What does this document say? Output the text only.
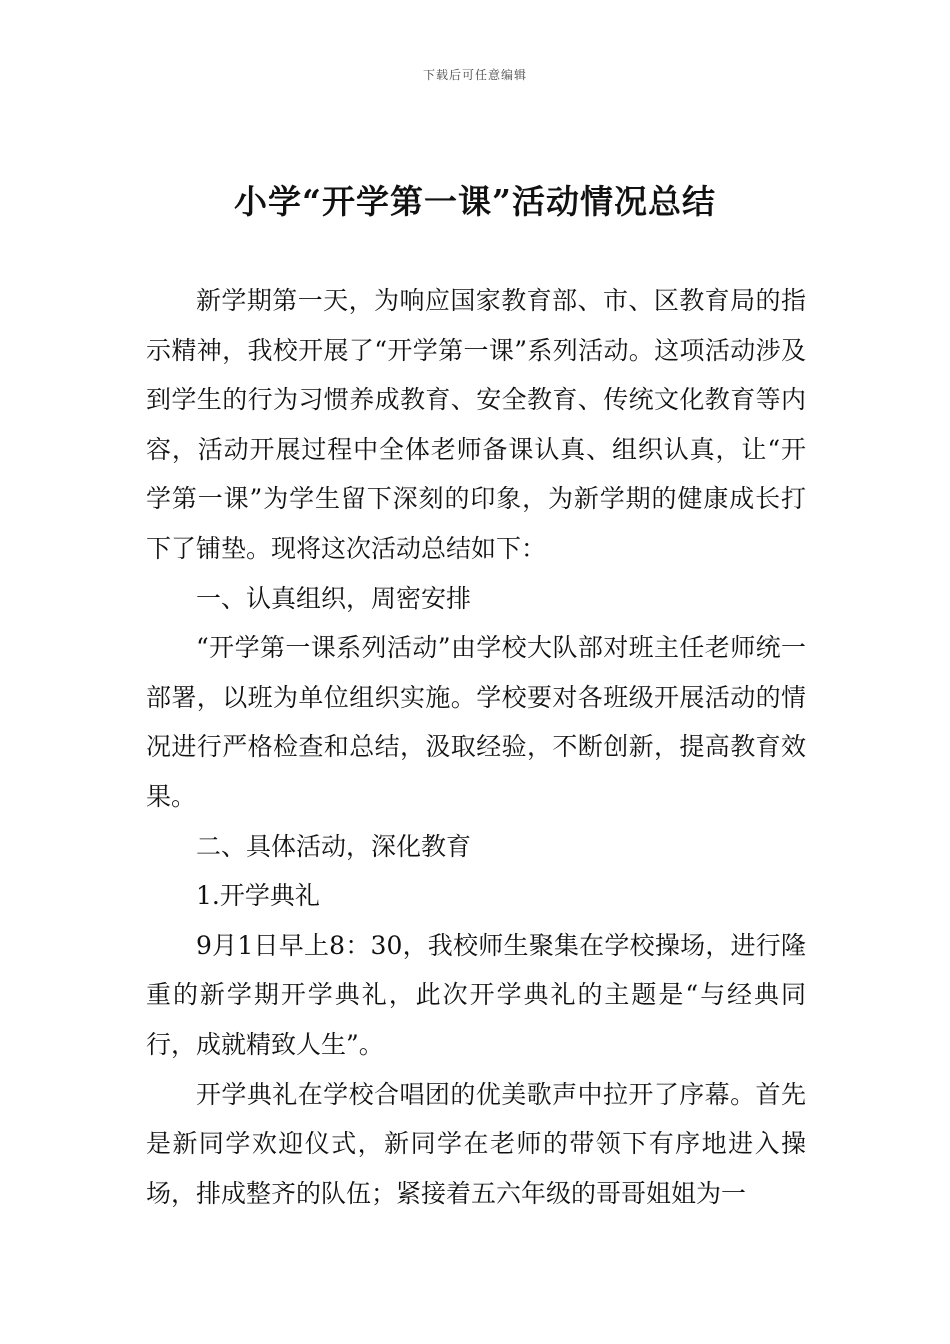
下载后可任意编辑
小学“开学第一课”活动情况总结

新学期第一天，为响应国家教育部、市、区教育局的指示精神，我校开展了“开学第一课”系列活动。这项活动涉及到学生的行为习惯养成教育、安全教育、传统文化教育等内容，活动开展过程中全体老师备课认真、组织认真，让“开学第一课”为学生留下深刻的印象，为新学期的健康成长打下了铺垫。现将这次活动总结如下：

一、认真组织，周密安排

“开学第一课系列活动”由学校大队部对班主任老师统一部署，以班为单位组织实施。学校要对各班级开展活动的情况进行严格检查和总结，汲取经验，不断创新，提高教育效果。

二、具体活动，深化教育

1.开学典礼

9月1日早上8：30，我校师生聚集在学校操场，进行隆重的新学期开学典礼，此次开学典礼的主题是“与经典同行，成就精致人生”。

开学典礼在学校合唱团的优美歌声中拉开了序幕。首先是新同学欢迎仪式，新同学在老师的带领下有序地进入操场，排成整齐的队伍；紧接着五六年级的哥哥姐姐为一
